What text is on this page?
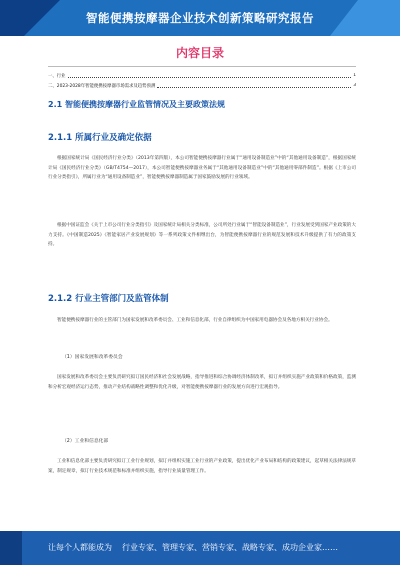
智能便携按摩器企业技术创新策略研究报告
内容目录
一、行业	1
二、2023-2028年智能便携按摩器市场需求及趋势预测	3
2.1 智能便携按摩器行业监管情况及主要政策法规
2.1.1 所属行业及确定依据
根据国家统计局《国民经济行业分类》（2013年第四版），本公司智能便携按摩器行业属于“通用设备制造业”中的“其他通用设备制造”，根据国家统计局《国民经济行业分类》（GB/T4754—2017），本公司智能便携按摩器业务属于“其他通用设备制造业”中的“其他通用零部件制造”。根据《上市公司行业分类指引》，所属行业为“通用设备制造业”，智能便携按摩器制造属于国家鼓励发展的行业领域。
根据中国证监会《关于上市公司行业分类指引》及国家统计局相关分类标准，公司所处行业属于“智能设备制造业”，行业发展受到国家产业政策的大力支持。《中国制造2025》《智能家居产业发展规划》等一系列政策文件相继出台，为智能便携按摩器行业的规范发展和技术升级提供了有力的政策支持。
2.1.2 行业主管部门及监管体制
智能便携按摩器行业的主管部门为国家发展和改革委员会、工业和信息化部，行业自律组织为中国家用电器协会及各地方相关行业协会。
（1）国家发展和改革委员会
国家发展和改革委员会主要负责研究拟订国民经济和社会发展战略，指导推进和综合协调经济体制改革，拟订并组织实施产业政策和价格政策，监测和分析宏观经济运行态势，推动产业结构战略性调整和优化升级，对智能便携按摩器行业的发展方向进行宏观指导。
（2）工业和信息化部
工业和信息化部主要负责研究拟订工业行业规划，拟订并组织实施工业行业的产业政策，提出优化产业布局和结构的政策建议，起草相关法律法规草案，制定规章，拟订行业技术规范和标准并组织实施，指导行业质量管理工作。
让每个人都能成为 行业专家、管理专家、营销专家、战略专家、成功企业家……
